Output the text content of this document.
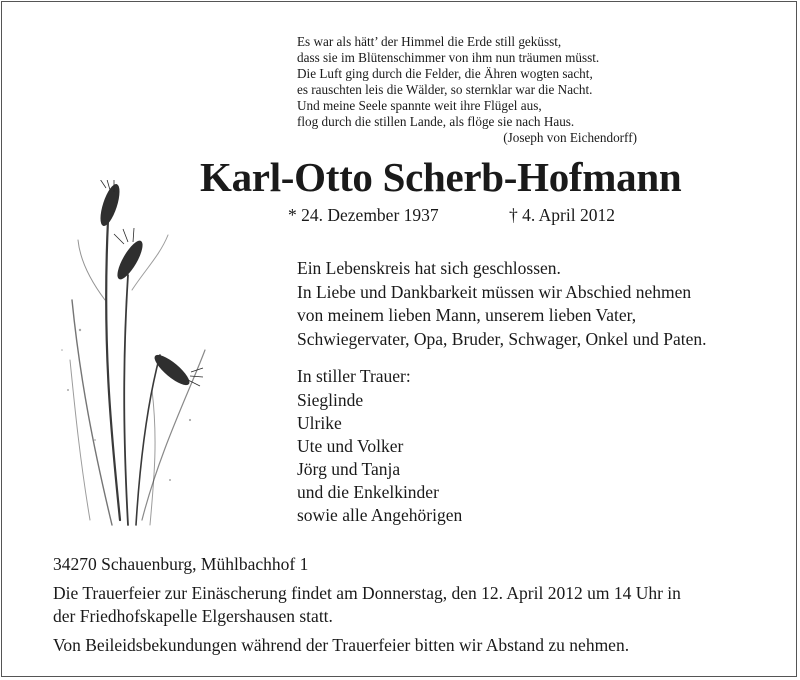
Es war als hätt’ der Himmel die Erde still geküsst,
dass sie im Blütenschimmer von ihm nun träumen müsst.
Die Luft ging durch die Felder, die Ähren wogten sacht,
es rauschten leis die Wälder, so sternklar war die Nacht.
Und meine Seele spannte weit ihre Flügel aus,
flog durch die stillen Lande, als flöge sie nach Haus.
(Joseph von Eichendorff)
Karl-Otto Scherb-Hofmann
* 24. Dezember 1937	† 4. April 2012
Ein Lebenskreis hat sich geschlossen.
In Liebe und Dankbarkeit müssen wir Abschied nehmen
von meinem lieben Mann, unserem lieben Vater,
Schwiegervater, Opa, Bruder, Schwager, Onkel und Paten.
In stiller Trauer:
Sieglinde
Ulrike
Ute und Volker
Jörg und Tanja
und die Enkelkinder
sowie alle Angehörigen
34270 Schauenburg, Mühlbachhof 1
Die Trauerfeier zur Einäscherung findet am Donnerstag, den 12. April 2012 um 14 Uhr in
der Friedhofskapelle Elgershausen statt.
Von Beileidsbekundungen während der Trauerfeier bitten wir Abstand zu nehmen.
